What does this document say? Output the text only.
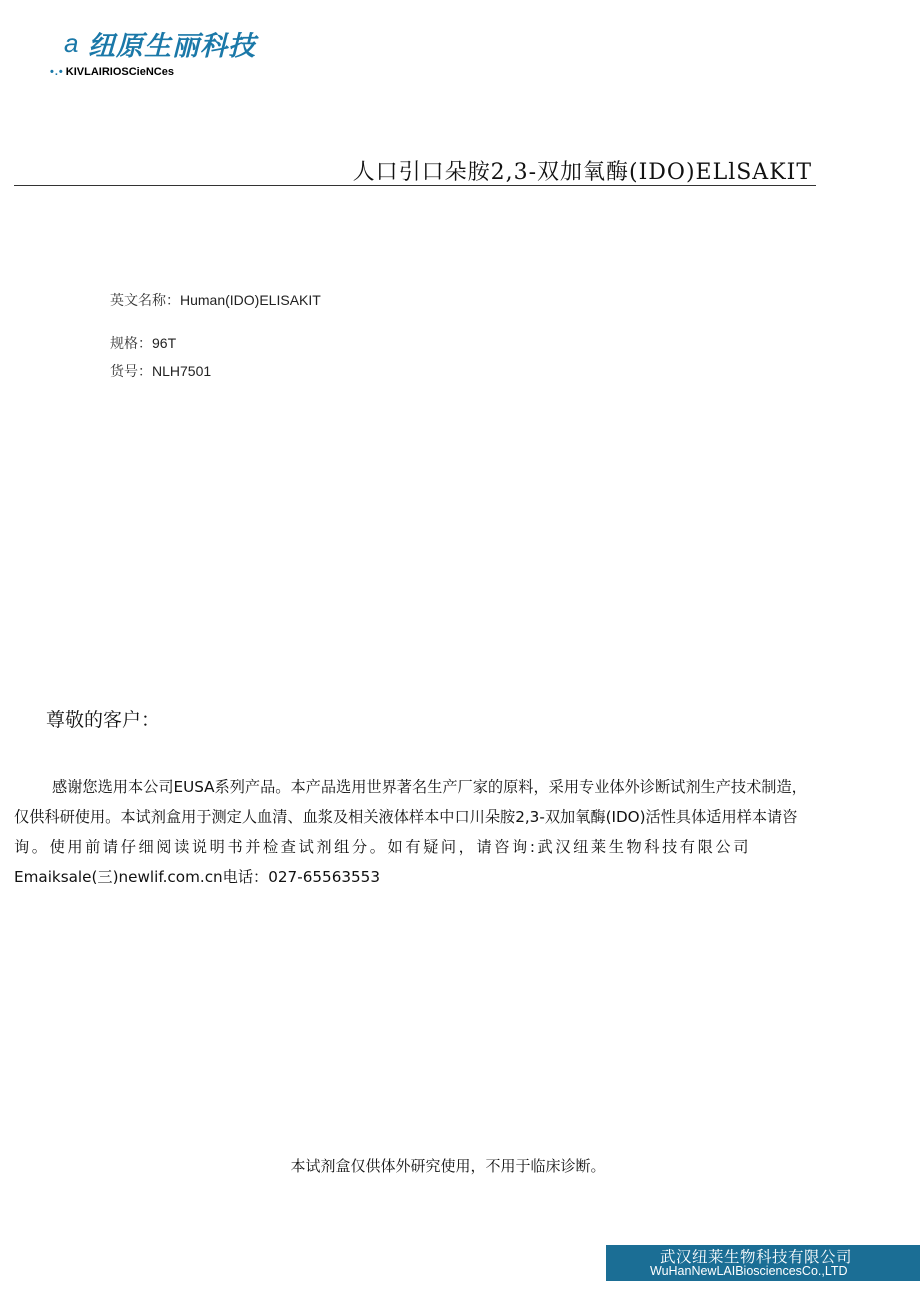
a 纽原生丽科技
•.• KIVLAIRIOSCieNCes
人口引口朵胺2,3-双加氧酶(IDO)ELlSAKIT
英文名称：Human(IDO)ELISAKIT
规格：96T
货号：NLH7501
尊敬的客户：
感谢您选用本公司EUSA系列产品。本产品选用世界著名生产厂家的原料，采用专业体外诊断试剂生产技术制造，
仅供科研使用。本试剂盒用于测定人血清、血浆及相关液体样本中口川朵胺2,3-双加氧酶(IDO)活性具体适用样本请咨
询。使用前请仔细阅读说明书并检查试剂组分。如有疑问，请咨询:武汉纽莱生物科技有限公司
Emaiksale(三)newlif.com.cn电话：027-65563553
本试剂盒仅供体外研究使用，不用于临床诊断。
武汉纽莱生物科技有限公司
WuHanNewLAIBiosciencesCo.,LTD
